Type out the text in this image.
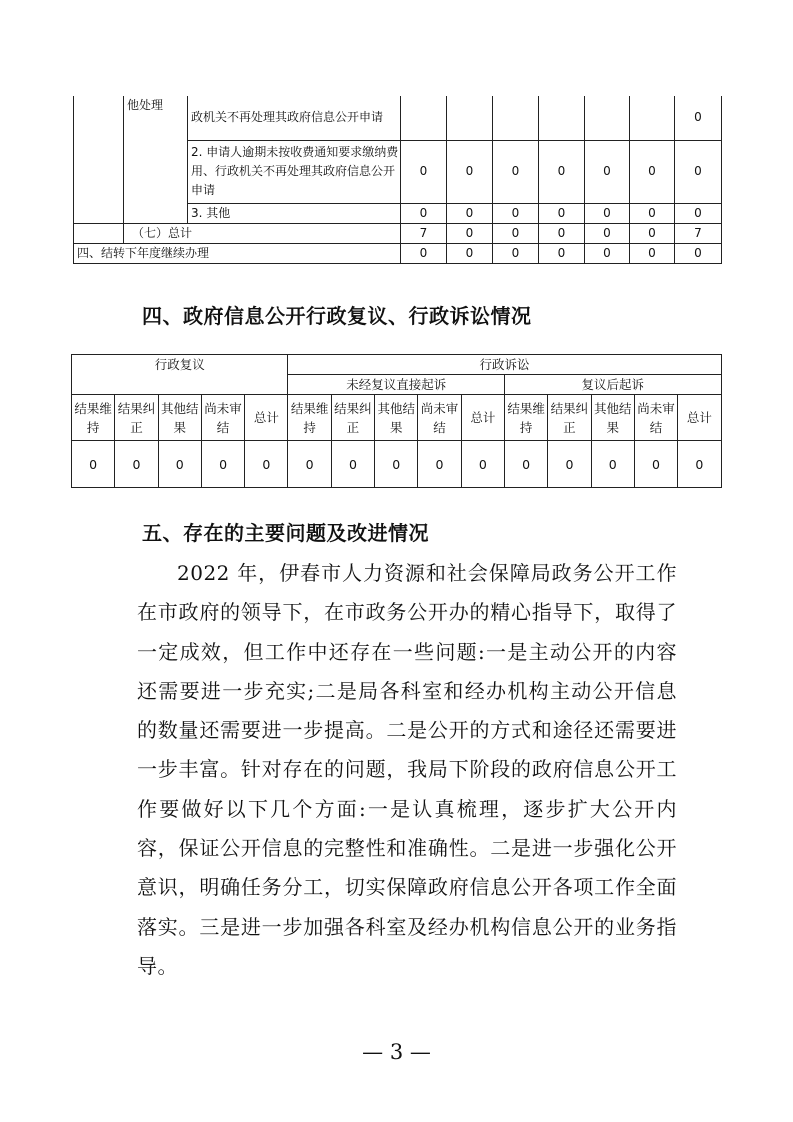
	他处理	政机关不再处理其政府信息公开申请							0
		2. 申请人逾期未按收费通知要求缴纳费用、行政机关不再处理其政府信息公开申请	0	0	0	0	0	0	0
		3. 其他	0	0	0	0	0	0	0
	（七）总计		7	0	0	0	0	0	7
四、结转下年度继续办理			0	0	0	0	0	0	0
四、政府信息公开行政复议、行政诉讼情况
行政复议					行政诉讼									
					未经复议直接起诉					复议后起诉				
结果维持	结果纠正	其他结果	尚未审结	总计	结果维持	结果纠正	其他结果	尚未审结	总计	结果维持	结果纠正	其他结果	尚未审结	总计
0	0	0	0	0	0	0	0	0	0	0	0	0	0	0
五、存在的主要问题及改进情况

2022 年，伊春市人力资源和社会保障局政务公开工作在市政府的领导下，在市政务公开办的精心指导下，取得了一定成效，但工作中还存在一些问题:一是主动公开的内容还需要进一步充实;二是局各科室和经办机构主动公开信息的数量还需要进一步提高。二是公开的方式和途径还需要进一步丰富。针对存在的问题，我局下阶段的政府信息公开工作要做好以下几个方面:一是认真梳理，逐步扩大公开内容，保证公开信息的完整性和准确性。二是进一步强化公开意识，明确任务分工，切实保障政府信息公开各项工作全面落实。三是进一步加强各科室及经办机构信息公开的业务指导。

— 3 —
